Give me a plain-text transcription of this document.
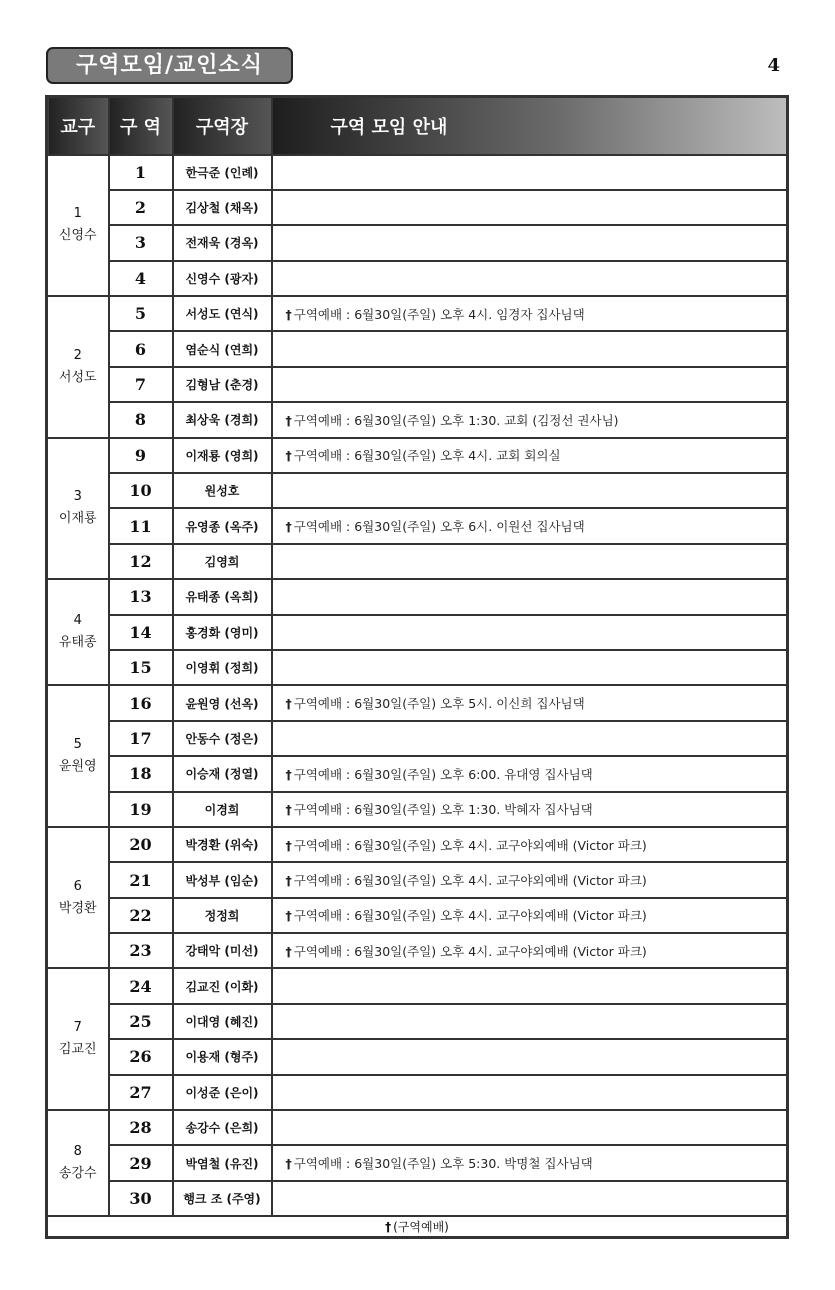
구역모임/교인소식	4
교구	구 역	구역장	구역 모임 안내

1
신영수	1	한극준 (인례)	
	2	김상철 (채옥)	
	3	전재욱 (경옥)	
	4	신영수 (광자)	

2
서성도	5	서성도 (연식)	† 구역예배 : 6월30일(주일) 오후 4시. 임경자 집사님댁
	6	염순식 (연희)	
	7	김형남 (춘경)	
	8	최상욱 (경희)	† 구역예배 : 6월30일(주일) 오후 1:30. 교회 (김정선 권사님)

3
이재룡	9	이재룡 (영희)	† 구역예배 : 6월30일(주일) 오후 4시. 교회 회의실
	10	원성호	
	11	유영종 (옥주)	† 구역예배 : 6월30일(주일) 오후 6시. 이원선 집사님댁
	12	김영희	

4
유태종	13	유태종 (옥희)	
	14	홍경화 (영미)	
	15	이영휘 (정희)	

5
윤원영	16	윤원영 (선옥)	† 구역예배 : 6월30일(주일) 오후 5시. 이신희 집사님댁
	17	안동수 (정은)	
	18	이승재 (정열)	† 구역예배 : 6월30일(주일) 오후 6:00. 유대영 집사님댁
	19	이경희	† 구역예배 : 6월30일(주일) 오후 1:30. 박혜자 집사님댁

6
박경환	20	박경환 (위숙)	† 구역예배 : 6월30일(주일) 오후 4시. 교구야외예배 (Victor 파크)
	21	박성부 (임순)	† 구역예배 : 6월30일(주일) 오후 4시. 교구야외예배 (Victor 파크)
	22	정정희	† 구역예배 : 6월30일(주일) 오후 4시. 교구야외예배 (Victor 파크)
	23	강태악 (미선)	† 구역예배 : 6월30일(주일) 오후 4시. 교구야외예배 (Victor 파크)

7
김교진	24	김교진 (이화)	
	25	이대영 (혜진)	
	26	이용재 (형주)	
	27	이성준 (은이)	

8
송강수	28	송강수 (은희)	
	29	박염철 (유진)	† 구역예배 : 6월30일(주일) 오후 5:30. 박명철 집사님댁
	30	행크 조 (주영)	
† (구역예배)			
